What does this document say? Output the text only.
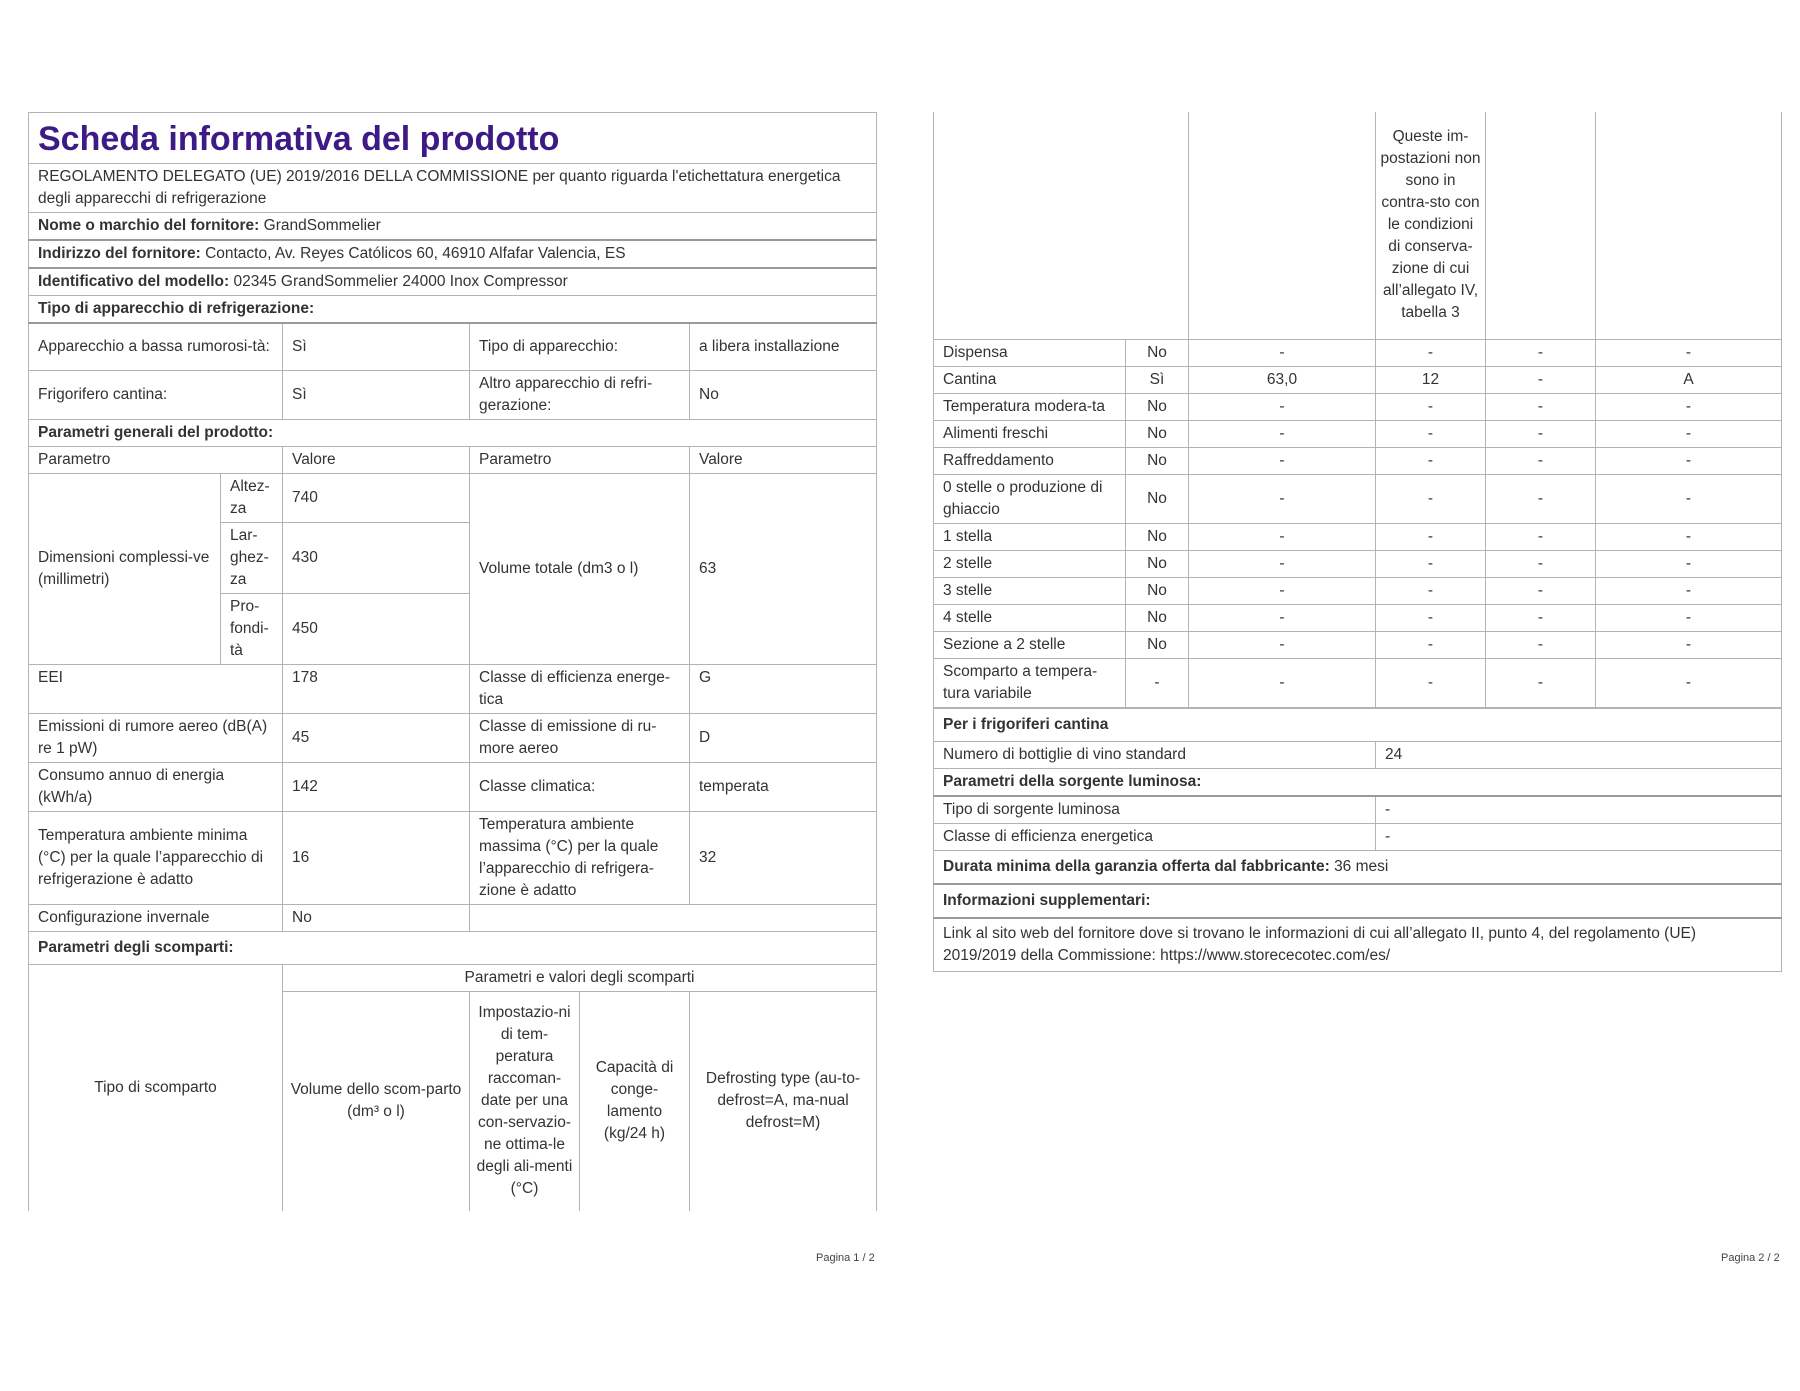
Scheda informativa del prodotto					
REGOLAMENTO DELEGATO (UE) 2019/2016 DELLA COMMISSIONE per quanto riguarda l'etichettatura energetica degli apparecchi di refrigerazione					
Nome o marchio del fornitore: GrandSommelier					
Indirizzo del fornitore: Contacto, Av. Reyes Católicos 60, 46910 Alfafar Valencia, ES					
Identificativo del modello: 02345 GrandSommelier 24000 Inox Compressor					
Tipo di apparecchio di refrigerazione:					
Apparecchio a bassa rumorosi-tà:		Sì	Tipo di apparecchio:		a libera installazione
Frigorifero cantina:		Sì	Altro apparecchio di refri-gerazione:		No
Parametri generali del prodotto:					
Parametro		Valore	Parametro		Valore
Dimensioni complessi-ve (millimetri)	Altez-za	740	Volume totale (dm3 o l)		63
	Lar-ghez-za	430			
	Pro-fondi-tà	450			
EEI		178	Classe di efficienza energe-tica		G
Emissioni di rumore aereo (dB(A) re 1 pW)		45	Classe di emissione di ru-more aereo		D
Consumo annuo di energia (kWh/a)		142	Classe climatica:		temperata
Temperatura ambiente minima (°C) per la quale l’apparecchio di refrigerazione è adatto		16	Temperatura ambiente massima (°C) per la quale l’apparecchio di refrigera-zione è adatto		32
Configurazione invernale		No			
Parametri degli scomparti:					
Tipo di scomparto		Parametri e valori degli scomparti			
		Volume dello scom-parto (dm³ o l)	Impostazio-ni di tem-peratura raccoman-date per una con-servazio-ne ottima-le degli ali-menti (°C)	Capacità di conge-lamento (kg/24 h)	Defrosting type (au-to-defrost=A, ma-nual defrost=M)
Pagina 1 / 2
			Queste im-postazioni non sono in contra-sto con le condizioni di conserva-zione di cui all’allegato IV, tabella 3		
Dispensa	No	-	-	-	-
Cantina	Sì	63,0	12	-	A
Temperatura modera-ta	No	-	-	-	-
Alimenti freschi	No	-	-	-	-
Raffreddamento	No	-	-	-	-
0 stelle o produzione di ghiaccio	No	-	-	-	-
1 stella	No	-	-	-	-
2 stelle	No	-	-	-	-
3 stelle	No	-	-	-	-
4 stelle	No	-	-	-	-
Sezione a 2 stelle	No	-	-	-	-
Scomparto a tempera-tura variabile	-	-	-	-	-
Per i frigoriferi cantina	
Numero di bottiglie di vino standard	24
Parametri della sorgente luminosa:	
Tipo di sorgente luminosa	-
Classe di efficienza energetica	-
Durata minima della garanzia offerta dal fabbricante: 36 mesi	
Informazioni supplementari:	
Link al sito web del fornitore dove si trovano le informazioni di cui all’allegato II, punto 4, del regolamento (UE) 2019/2019 della Commissione: https://www.storececotec.com/es/	
Pagina 2 / 2
